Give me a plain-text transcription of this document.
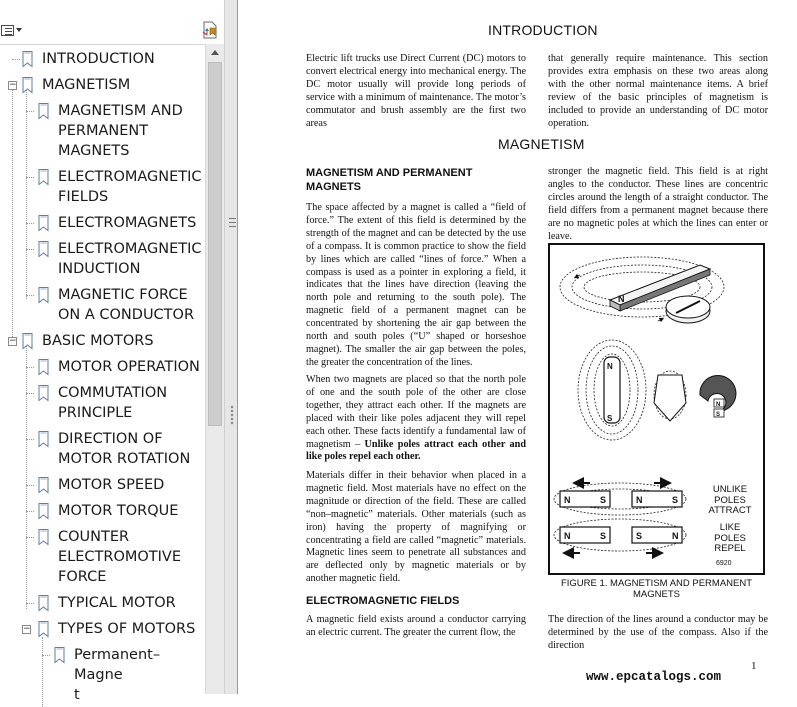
INTRODUCTION
− MAGNETISM
MAGNETISM AND
PERMANENT
MAGNETS
ELECTROMAGNETIC
FIELDS
ELECTROMAGNETS
ELECTROMAGNETIC
INDUCTION
MAGNETIC FORCE
ON A CONDUCTOR
− BASIC MOTORS
MOTOR OPERATION
COMMUTATION
PRINCIPLE
DIRECTION OF
MOTOR ROTATION
MOTOR SPEED
MOTOR TORQUE
COUNTER
ELECTROMOTIVE
FORCE
TYPICAL MOTOR
− TYPES OF MOTORS
Permanent–Magne
t
INTRODUCTION
Electric lift trucks use Direct Current (DC) motors to convert electrical energy into mechanical energy. The DC motor usually will provide long periods of service with a minimum of maintenance. The motor’s commutator and brush assembly are the first two areas
that generally require maintenance. This section provides extra emphasis on these two areas along with the other normal maintenance items. A brief review of the basic principles of magnetism is included to provide an understanding of DC motor operation.
MAGNETISM
MAGNETISM AND PERMANENT MAGNETS
The space affected by a magnet is called a “field of force.” The extent of this field is determined by the strength of the magnet and can be detected by the use of a compass. It is common practice to show the field by lines which are called “lines of force.” When a compass is used as a pointer in exploring a field, it indicates that the lines have direction (leaving the north pole and returning to the south pole). The magnetic field of a permanent magnet can be concentrated by shortening the air gap between the north and south poles (“U” shaped or horseshoe magnet). The smaller the air gap between the poles, the greater the concentration of the lines.
When two magnets are placed so that the north pole of one and the south pole of the other are close together, they attract each other. If the magnets are placed with their like poles adjacent they will repel each other. These facts identify a fundamental law of magnetism – Unlike poles attract each other and like poles repel each other.
Materials differ in their behavior when placed in a magnetic field. Most materials have no effect on the magnitude or direction of the field. These are called “non–magnetic” materials. Other materials (such as iron) having the property of magnifying or concentrating a field are called “magnetic” materials. Magnetic lines seem to penetrate all substances and are deflected only by magnetic materials or by another magnetic field.
ELECTROMAGNETIC FIELDS
A magnetic field exists around a conductor carrying an electric current. The greater the current flow, the
stronger the magnetic field. This field is at right angles to the conductor. These lines are concentric circles around the length of a straight conductor. The field differs from a permanent magnet because there are no magnetic poles at which the lines can enter or leave.
N
N
S
N
S
N	S	N	S
N	S	S	N
UNLIKE
POLES
ATTRACT
LIKE
POLES
REPEL
6920
FIGURE 1. MAGNETISM AND PERMANENT MAGNETS
The direction of the lines around a conductor may be determined by the use of the compass. Also if the direction
1
www.epcatalogs.com
